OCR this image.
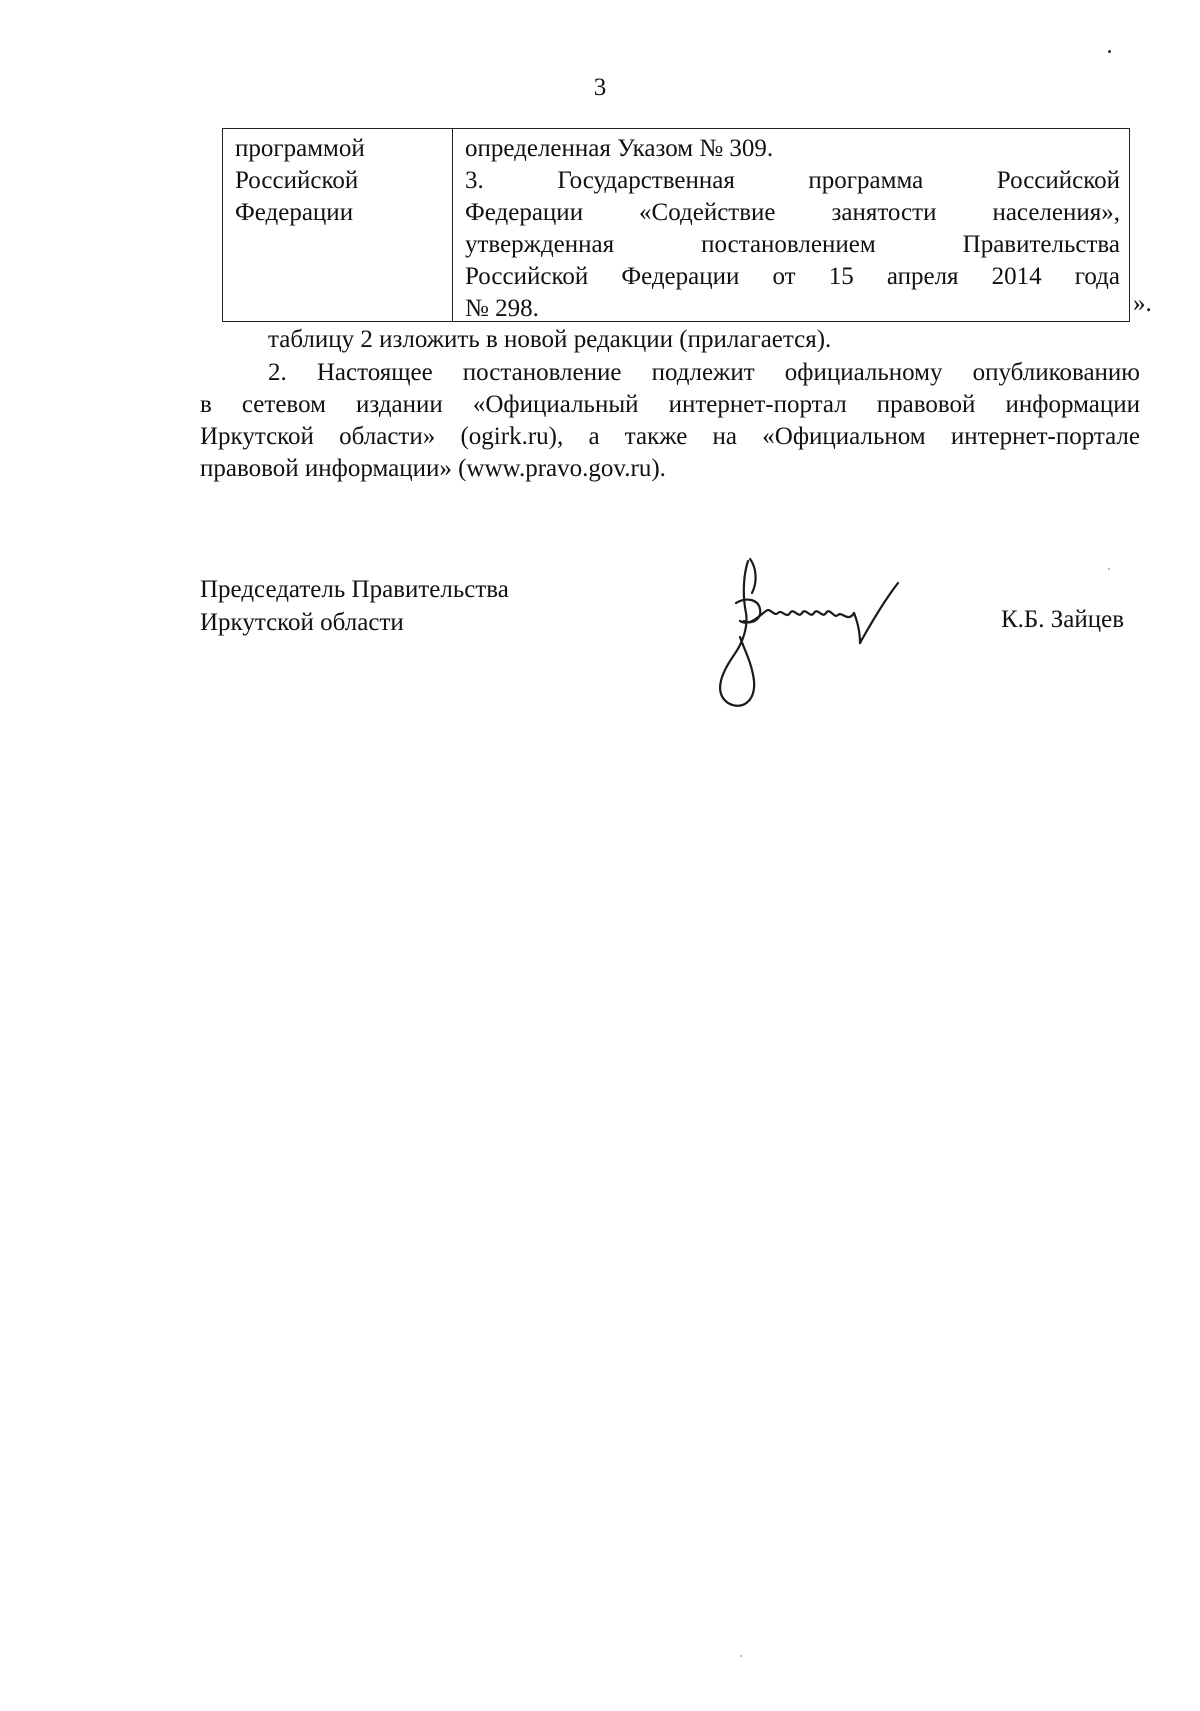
3
программой
Российской
Федерации
определенная Указом № 309.
3. Государственная программа Российской
Федерации «Содействие занятости населения»,
утвержденная постановлением Правительства
Российской Федерации от 15 апреля 2014 года
№ 298.	».
таблицу 2 изложить в новой редакции (прилагается).
2. Настоящее постановление подлежит официальному опубликованию
в сетевом издании «Официальный интернет-портал правовой информации
Иркутской области» (ogirk.ru), а также на «Официальном интернет-портале
правовой информации» (www.pravo.gov.ru).
Председатель Правительства
Иркутской области	К.Б. Зайцев
